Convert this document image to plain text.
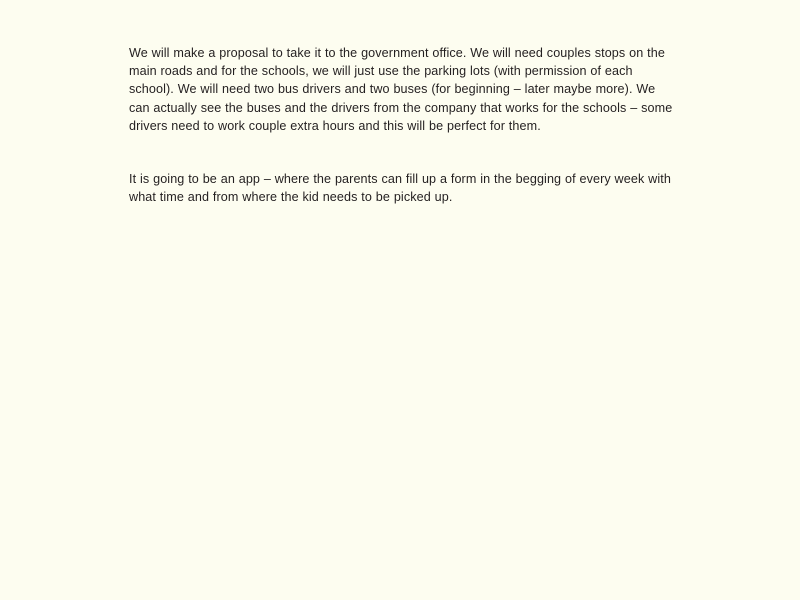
We will make a proposal to take it to the government office. We will need couples stops on the main roads and for the schools, we will just use the parking lots (with permission of each school). We will need two bus drivers and two buses (for beginning – later maybe more). We can actually see the buses and the drivers from the company that works for the schools – some drivers need to work couple extra hours and this will be perfect for them.

It is going to be an app – where the parents can fill up a form in the begging of every week with what time and from where the kid needs to be picked up.
